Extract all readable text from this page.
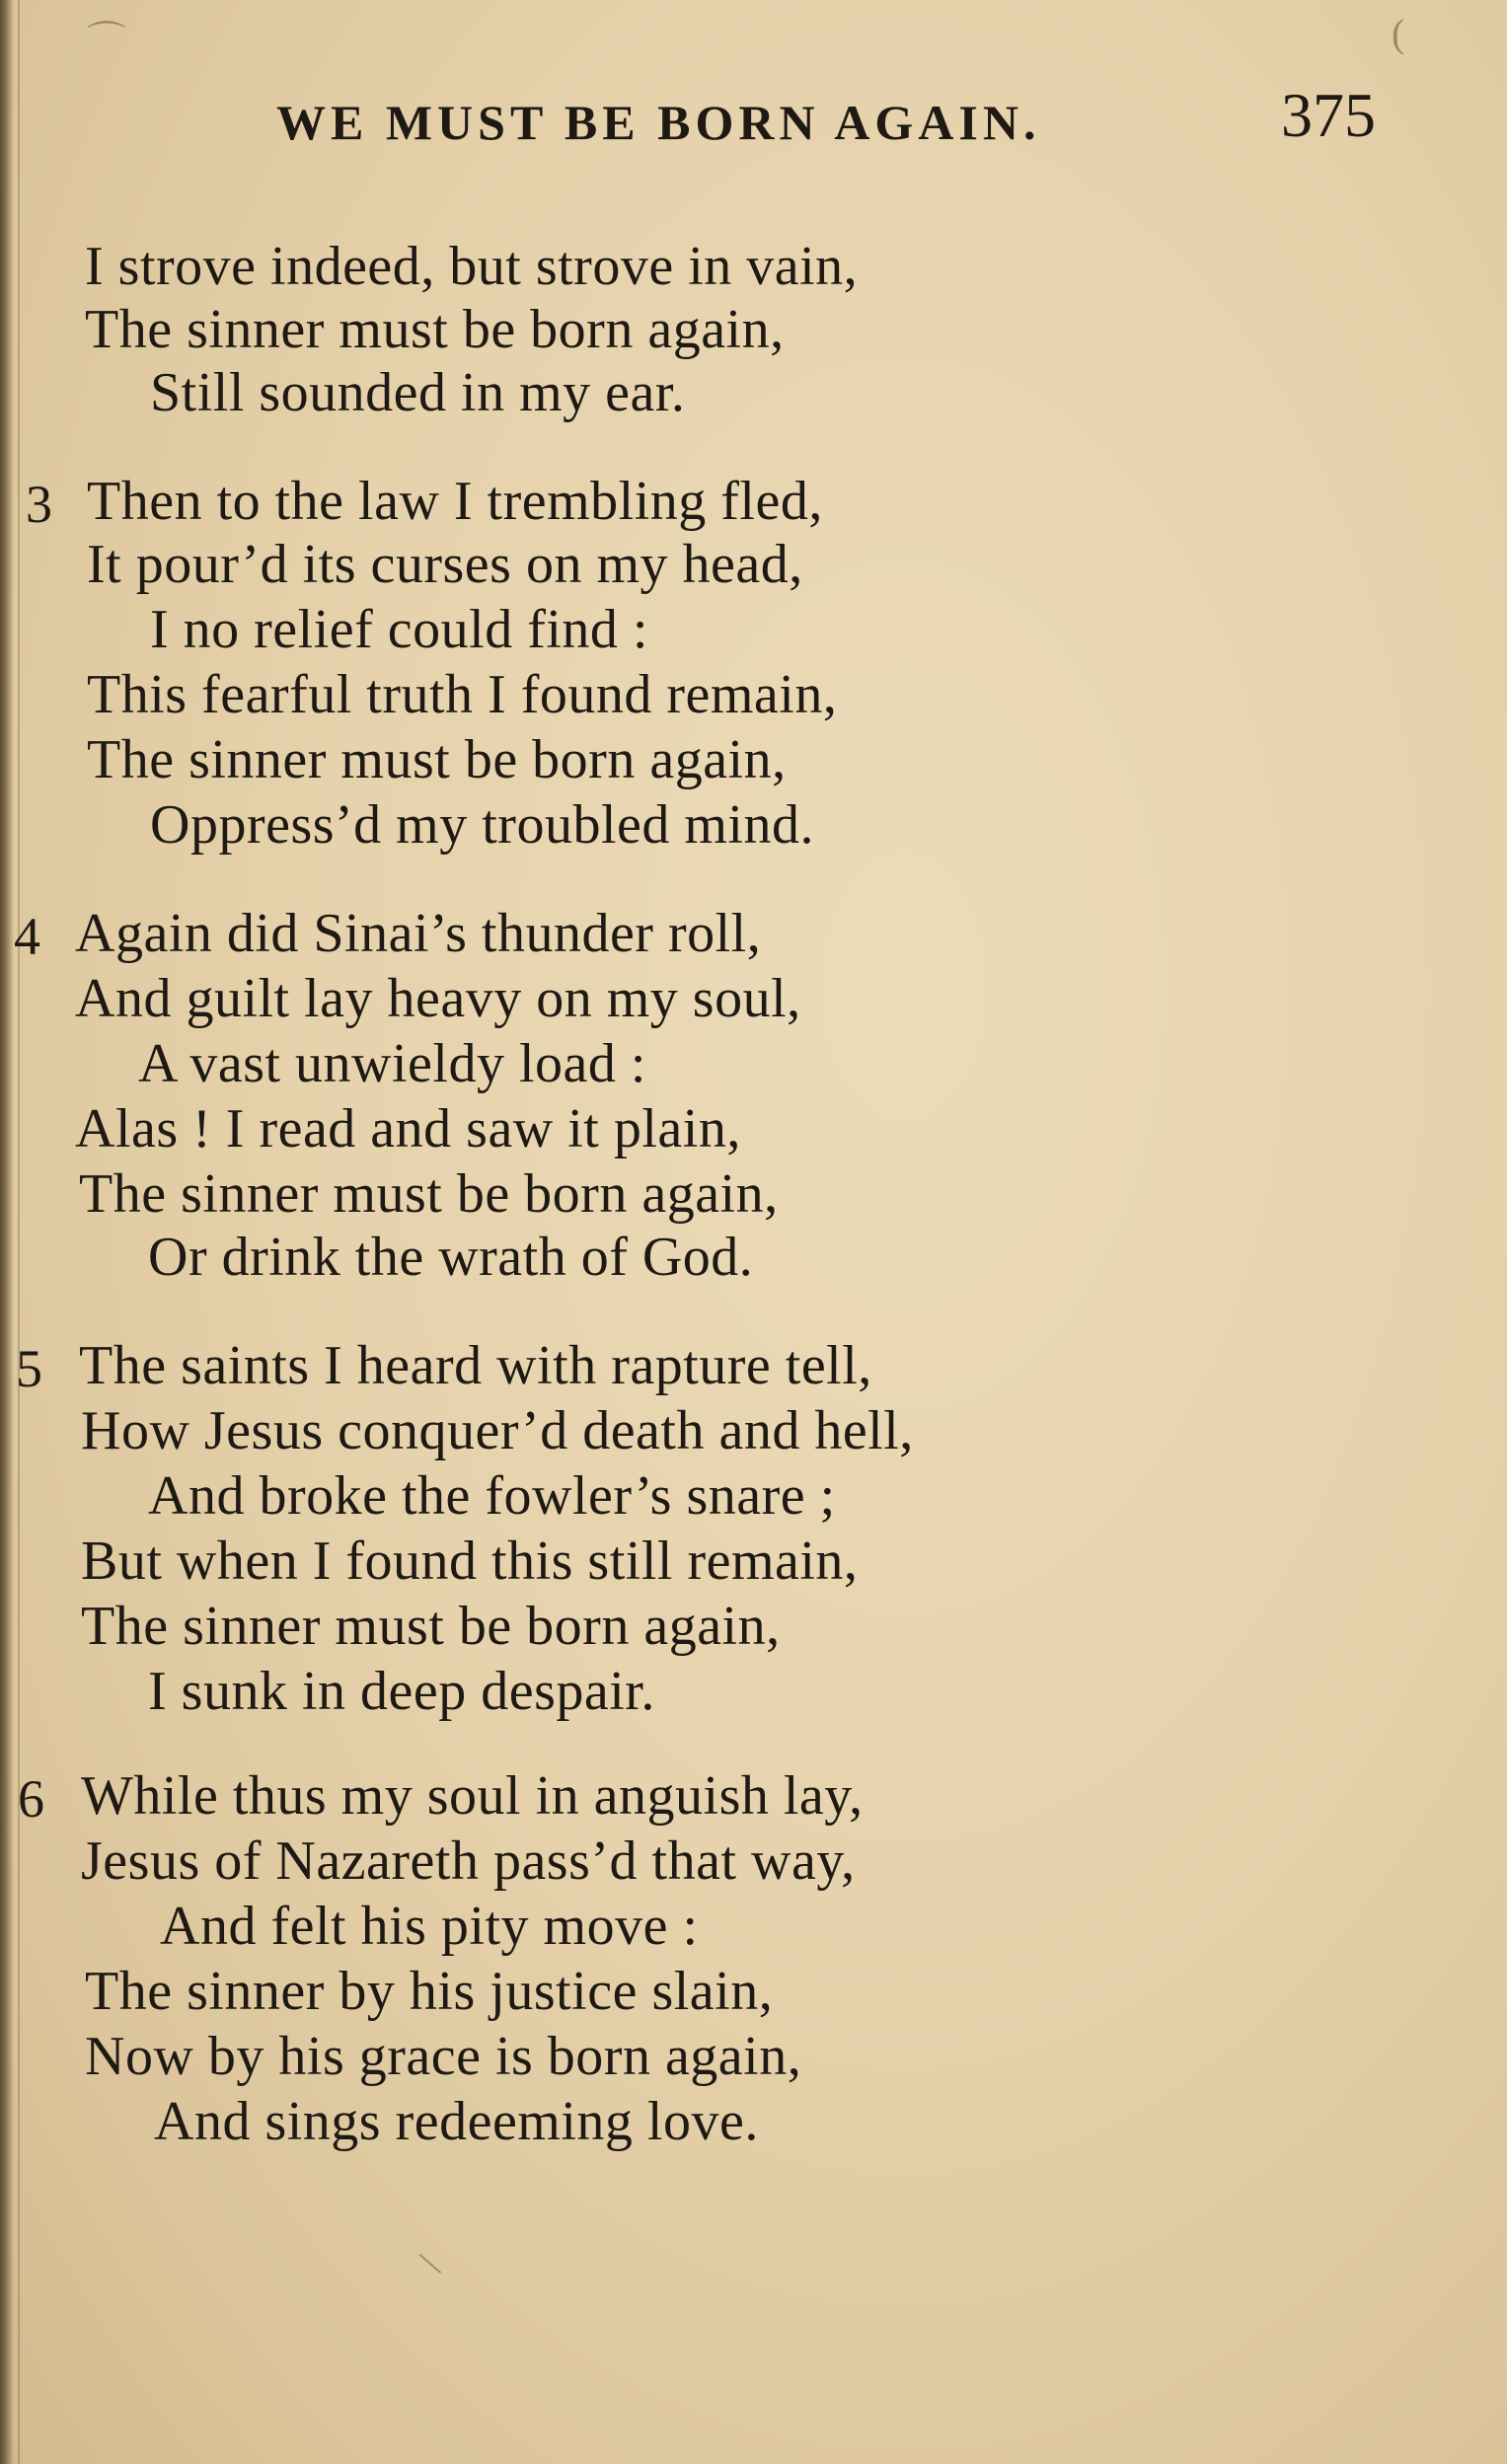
WE MUST BE BORN AGAIN.	375
I strove indeed, but strove in vain,
The sinner must be born again,
Still sounded in my ear.
3 Then to the law I trembling fled,
It pour’d its curses on my head,
I no relief could find :
This fearful truth I found remain,
The sinner must be born again,
Oppress’d my troubled mind.
4 Again did Sinai’s thunder roll,
And guilt lay heavy on my soul,
A vast unwieldy load :
Alas ! I read and saw it plain,
The sinner must be born again,
Or drink the wrath of God.
5 The saints I heard with rapture tell,
How Jesus conquer’d death and hell,
And broke the fowler’s snare ;
But when I found this still remain,
The sinner must be born again,
I sunk in deep despair.
6 While thus my soul in anguish lay,
Jesus of Nazareth pass’d that way,
And felt his pity move :
The sinner by his justice slain,
Now by his grace is born again,
And sings redeeming love.
\
(
⌒
